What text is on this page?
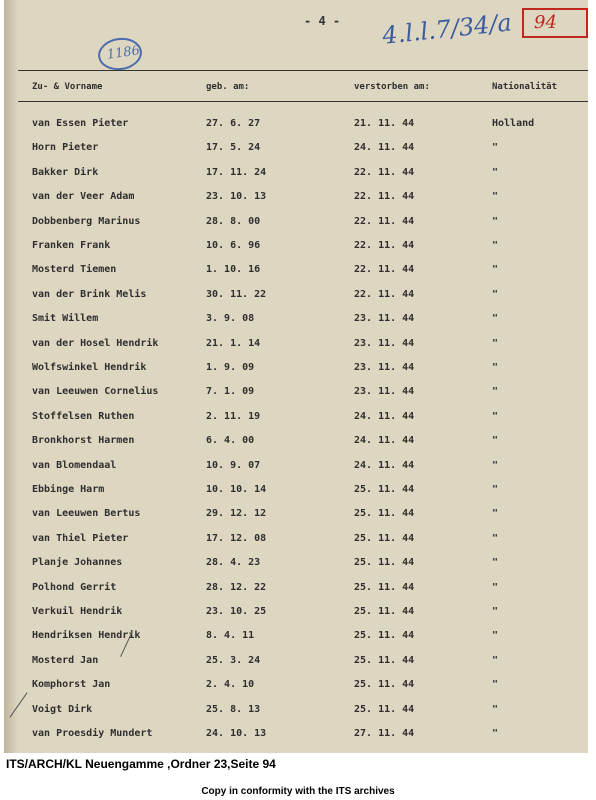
- 4 -
1186
4.l.l.7/34/a 94
Zu- & Vorname	geb. am:	verstorben am:	Nationalität
van Essen Pieter	27. 6. 27	21. 11. 44	Holland
Horn Pieter	17. 5. 24	24. 11. 44	"
Bakker Dirk	17. 11. 24	22. 11. 44	"
van der Veer Adam	23. 10. 13	22. 11. 44	"
Dobbenberg Marinus	28. 8. 00	22. 11. 44	"
Franken Frank	10. 6. 96	22. 11. 44	"
Mosterd Tiemen	1. 10. 16	22. 11. 44	"
van der Brink Melis	30. 11. 22	22. 11. 44	"
Smit Willem	3. 9. 08	23. 11. 44	"
van der Hosel Hendrik	21. 1. 14	23. 11. 44	"
Wolfswinkel Hendrik	1. 9. 09	23. 11. 44	"
van Leeuwen Cornelius	7. 1. 09	23. 11. 44	"
Stoffelsen Ruthen	2. 11. 19	24. 11. 44	"
Bronkhorst Harmen	6. 4. 00	24. 11. 44	"
van Blomendaal	10. 9. 07	24. 11. 44	"
Ebbinge Harm	10. 10. 14	25. 11. 44	"
van Leeuwen Bertus	29. 12. 12	25. 11. 44	"
van Thiel Pieter	17. 12. 08	25. 11. 44	"
Planje Johannes	28. 4. 23	25. 11. 44	"
Polhond Gerrit	28. 12. 22	25. 11. 44	"
Verkuil Hendrik	23. 10. 25	25. 11. 44	"
Hendriksen Hendrik	8. 4. 11	25. 11. 44	"
Mosterd Jan	25. 3. 24	25. 11. 44	"
Komphorst Jan	2. 4. 10	25. 11. 44	"
Voigt Dirk	25. 8. 13	25. 11. 44	"
van Proesdiy Mundert	24. 10. 13	27. 11. 44	"
ITS/ARCH/KL Neuengamme ,Ordner 23,Seite 94
Copy in conformity with the ITS archives
